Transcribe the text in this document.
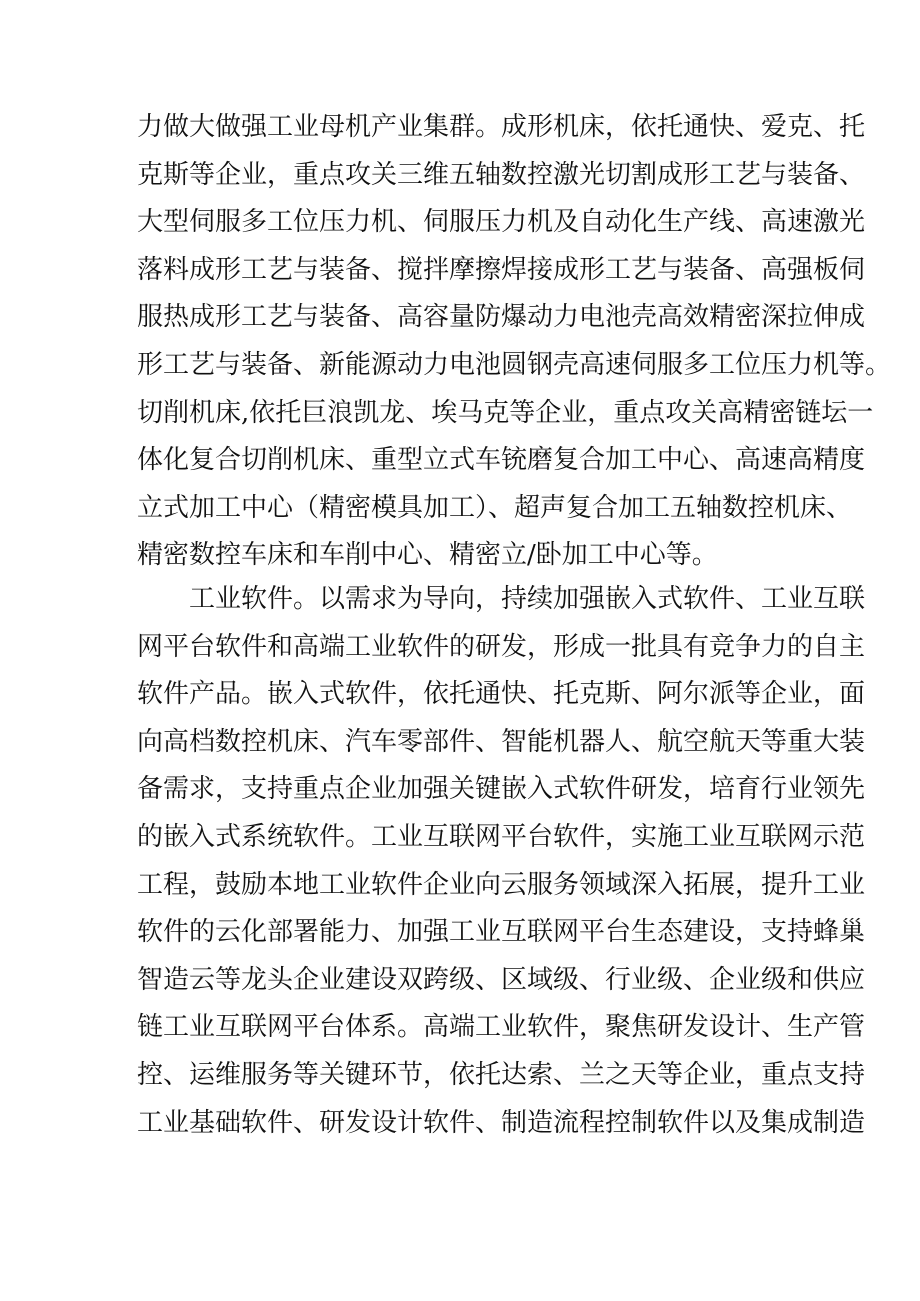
力做大做强工业母机产业集群。成形机床，依托通快、爱克、托
克斯等企业，重点攻关三维五轴数控激光切割成形工艺与装备、
大型伺服多工位压力机、伺服压力机及自动化生产线、高速激光
落料成形工艺与装备、搅拌摩擦焊接成形工艺与装备、高强板伺
服热成形工艺与装备、高容量防爆动力电池壳高效精密深拉伸成
形工艺与装备、新能源动力电池圆钢壳高速伺服多工位压力机等。
切削机床,依托巨浪凯龙、埃马克等企业，重点攻关高精密链坛一
体化复合切削机床、重型立式车铳磨复合加工中心、高速高精度
立式加工中心（精密模具加工）、超声复合加工五轴数控机床、
精密数控车床和车削中心、精密立/卧加工中心等。
　　工业软件。以需求为导向，持续加强嵌入式软件、工业互联
网平台软件和高端工业软件的研发，形成一批具有竞争力的自主
软件产品。嵌入式软件，依托通快、托克斯、阿尔派等企业，面
向高档数控机床、汽车零部件、智能机器人、航空航天等重大装
备需求，支持重点企业加强关键嵌入式软件研发，培育行业领先
的嵌入式系统软件。工业互联网平台软件，实施工业互联网示范
工程，鼓励本地工业软件企业向云服务领域深入拓展，提升工业
软件的云化部署能力、加强工业互联网平台生态建设，支持蜂巢
智造云等龙头企业建设双跨级、区域级、行业级、企业级和供应
链工业互联网平台体系。高端工业软件，聚焦研发设计、生产管
控、运维服务等关键环节，依托达索、兰之天等企业，重点支持
工业基础软件、研发设计软件、制造流程控制软件以及集成制造
